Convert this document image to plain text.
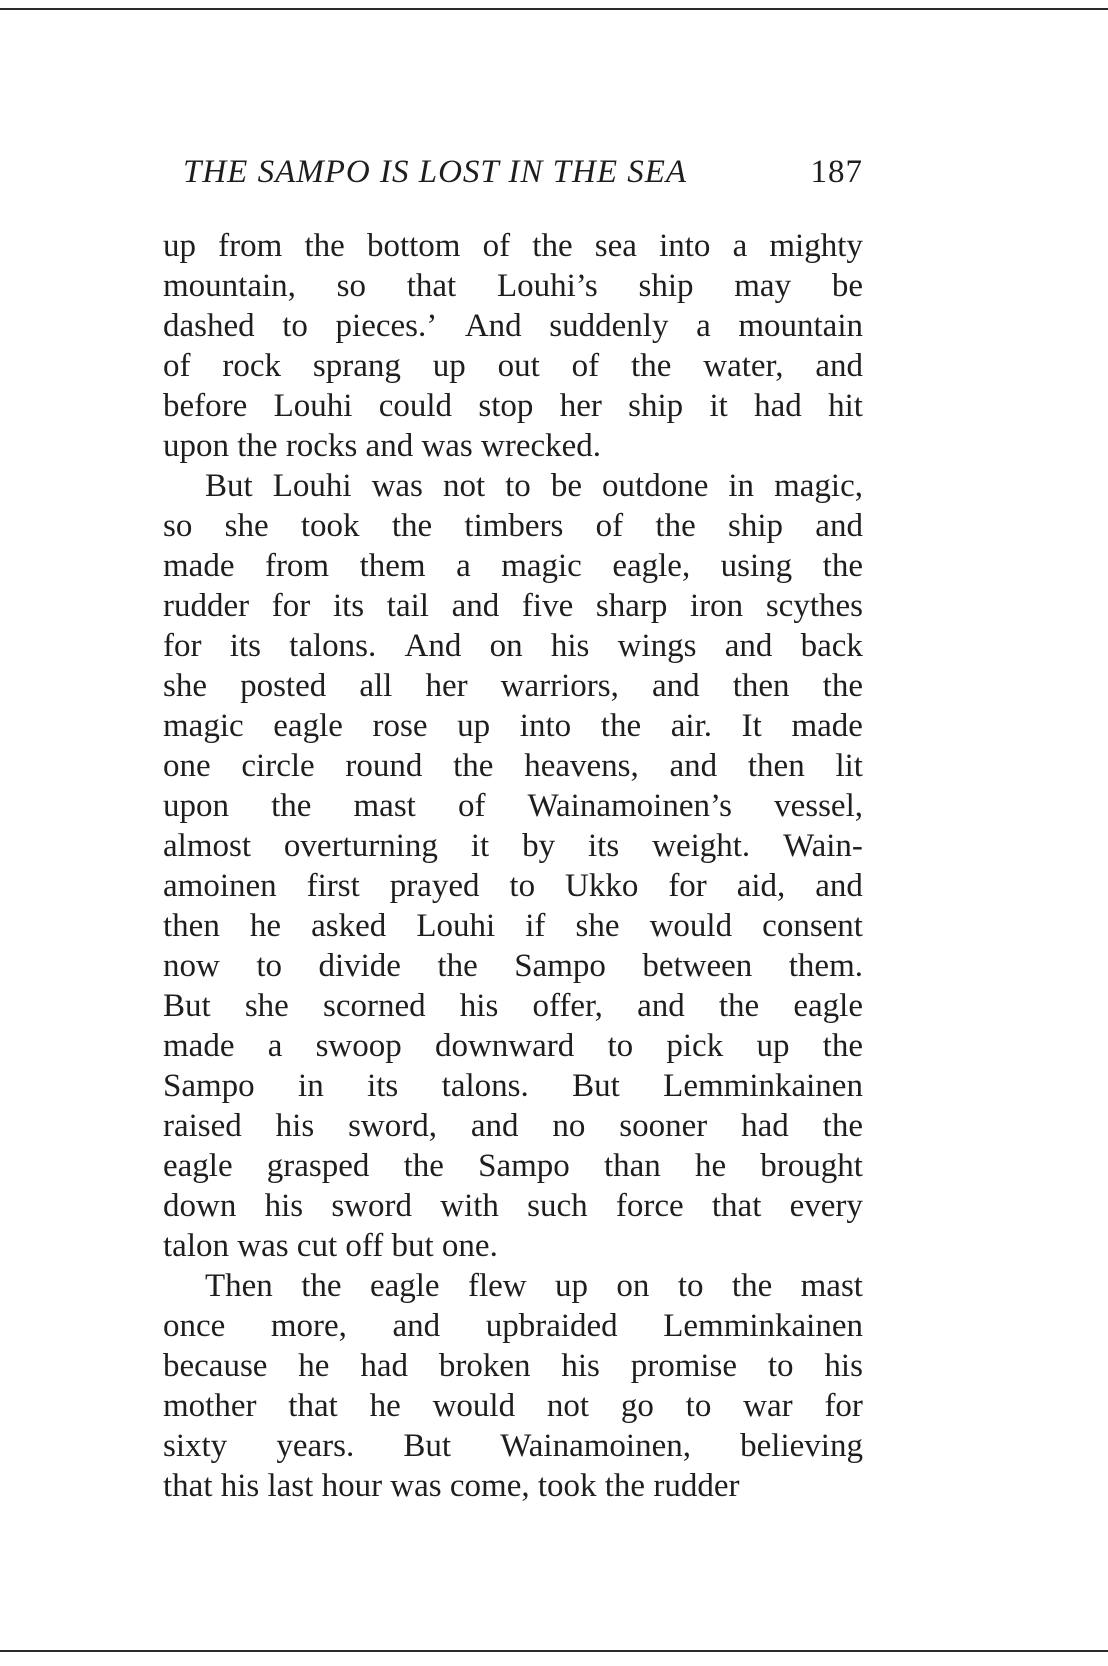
THE SAMPO IS LOST IN THE SEA	187
up from the bottom of the sea into a mighty
mountain, so that Louhi’s ship may be
dashed to pieces.’ And suddenly a mountain
of rock sprang up out of the water, and
before Louhi could stop her ship it had hit
upon the rocks and was wrecked.
But Louhi was not to be outdone in magic,
so she took the timbers of the ship and
made from them a magic eagle, using the
rudder for its tail and five sharp iron scythes
for its talons. And on his wings and back
she posted all her warriors, and then the
magic eagle rose up into the air. It made
one circle round the heavens, and then lit
upon the mast of Wainamoinen’s vessel,
almost overturning it by its weight. Wain-
amoinen first prayed to Ukko for aid, and
then he asked Louhi if she would consent
now to divide the Sampo between them.
But she scorned his offer, and the eagle
made a swoop downward to pick up the
Sampo in its talons. But Lemminkainen
raised his sword, and no sooner had the
eagle grasped the Sampo than he brought
down his sword with such force that every
talon was cut off but one.
Then the eagle flew up on to the mast
once more, and upbraided Lemminkainen
because he had broken his promise to his
mother that he would not go to war for
sixty years. But Wainamoinen, believing
that his last hour was come, took the rudder
